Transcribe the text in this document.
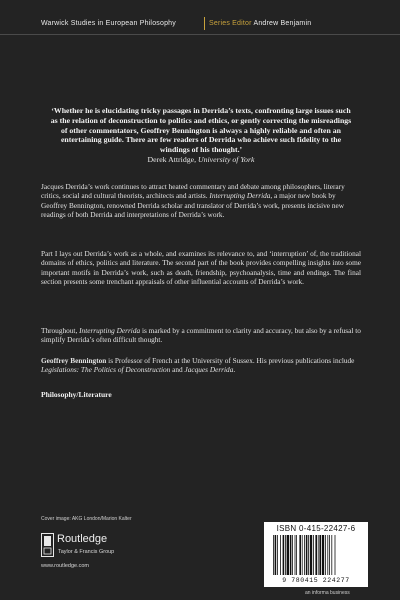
Warwick Studies in European Philosophy	Series Editor Andrew Benjamin
‘Whether he is elucidating tricky passages in Derrida’s texts, confronting large issues such as the relation of deconstruction to politics and ethics, or gently correcting the misreadings of other commentators, Geoffrey Bennington is always a highly reliable and often an entertaining guide. There are few readers of Derrida who achieve such fidelity to the windings of his thought.’
Derek Attridge, University of York
Jacques Derrida’s work continues to attract heated commentary and debate among philosophers, literary critics, social and cultural theorists, architects and artists. Interrupting Derrida, a major new book by Geoffrey Bennington, renowned Derrida scholar and translator of Derrida’s work, presents incisive new readings of both Derrida and interpretations of Derrida’s work.
Part I lays out Derrida’s work as a whole, and examines its relevance to, and ‘interruption’ of, the traditional domains of ethics, politics and literature. The second part of the book provides compelling insights into some important motifs in Derrida’s work, such as death, friendship, psychoanalysis, time and endings. The final section presents some trenchant appraisals of other influential accounts of Derrida’s work.
Throughout, Interrupting Derrida is marked by a commitment to clarity and accuracy, but also by a refusal to simplify Derrida’s often difficult thought.
Geoffrey Bennington is Professor of French at the University of Sussex. His previous publications include Legislations: The Politics of Deconstruction and Jacques Derrida.
Philosophy/Literature
Cover image: AKG London/Marion Kalter
Routledge
Taylor & Francis Group
www.routledge.com
ISBN 0-415-22427-6
9 780415 224277
an informa business
